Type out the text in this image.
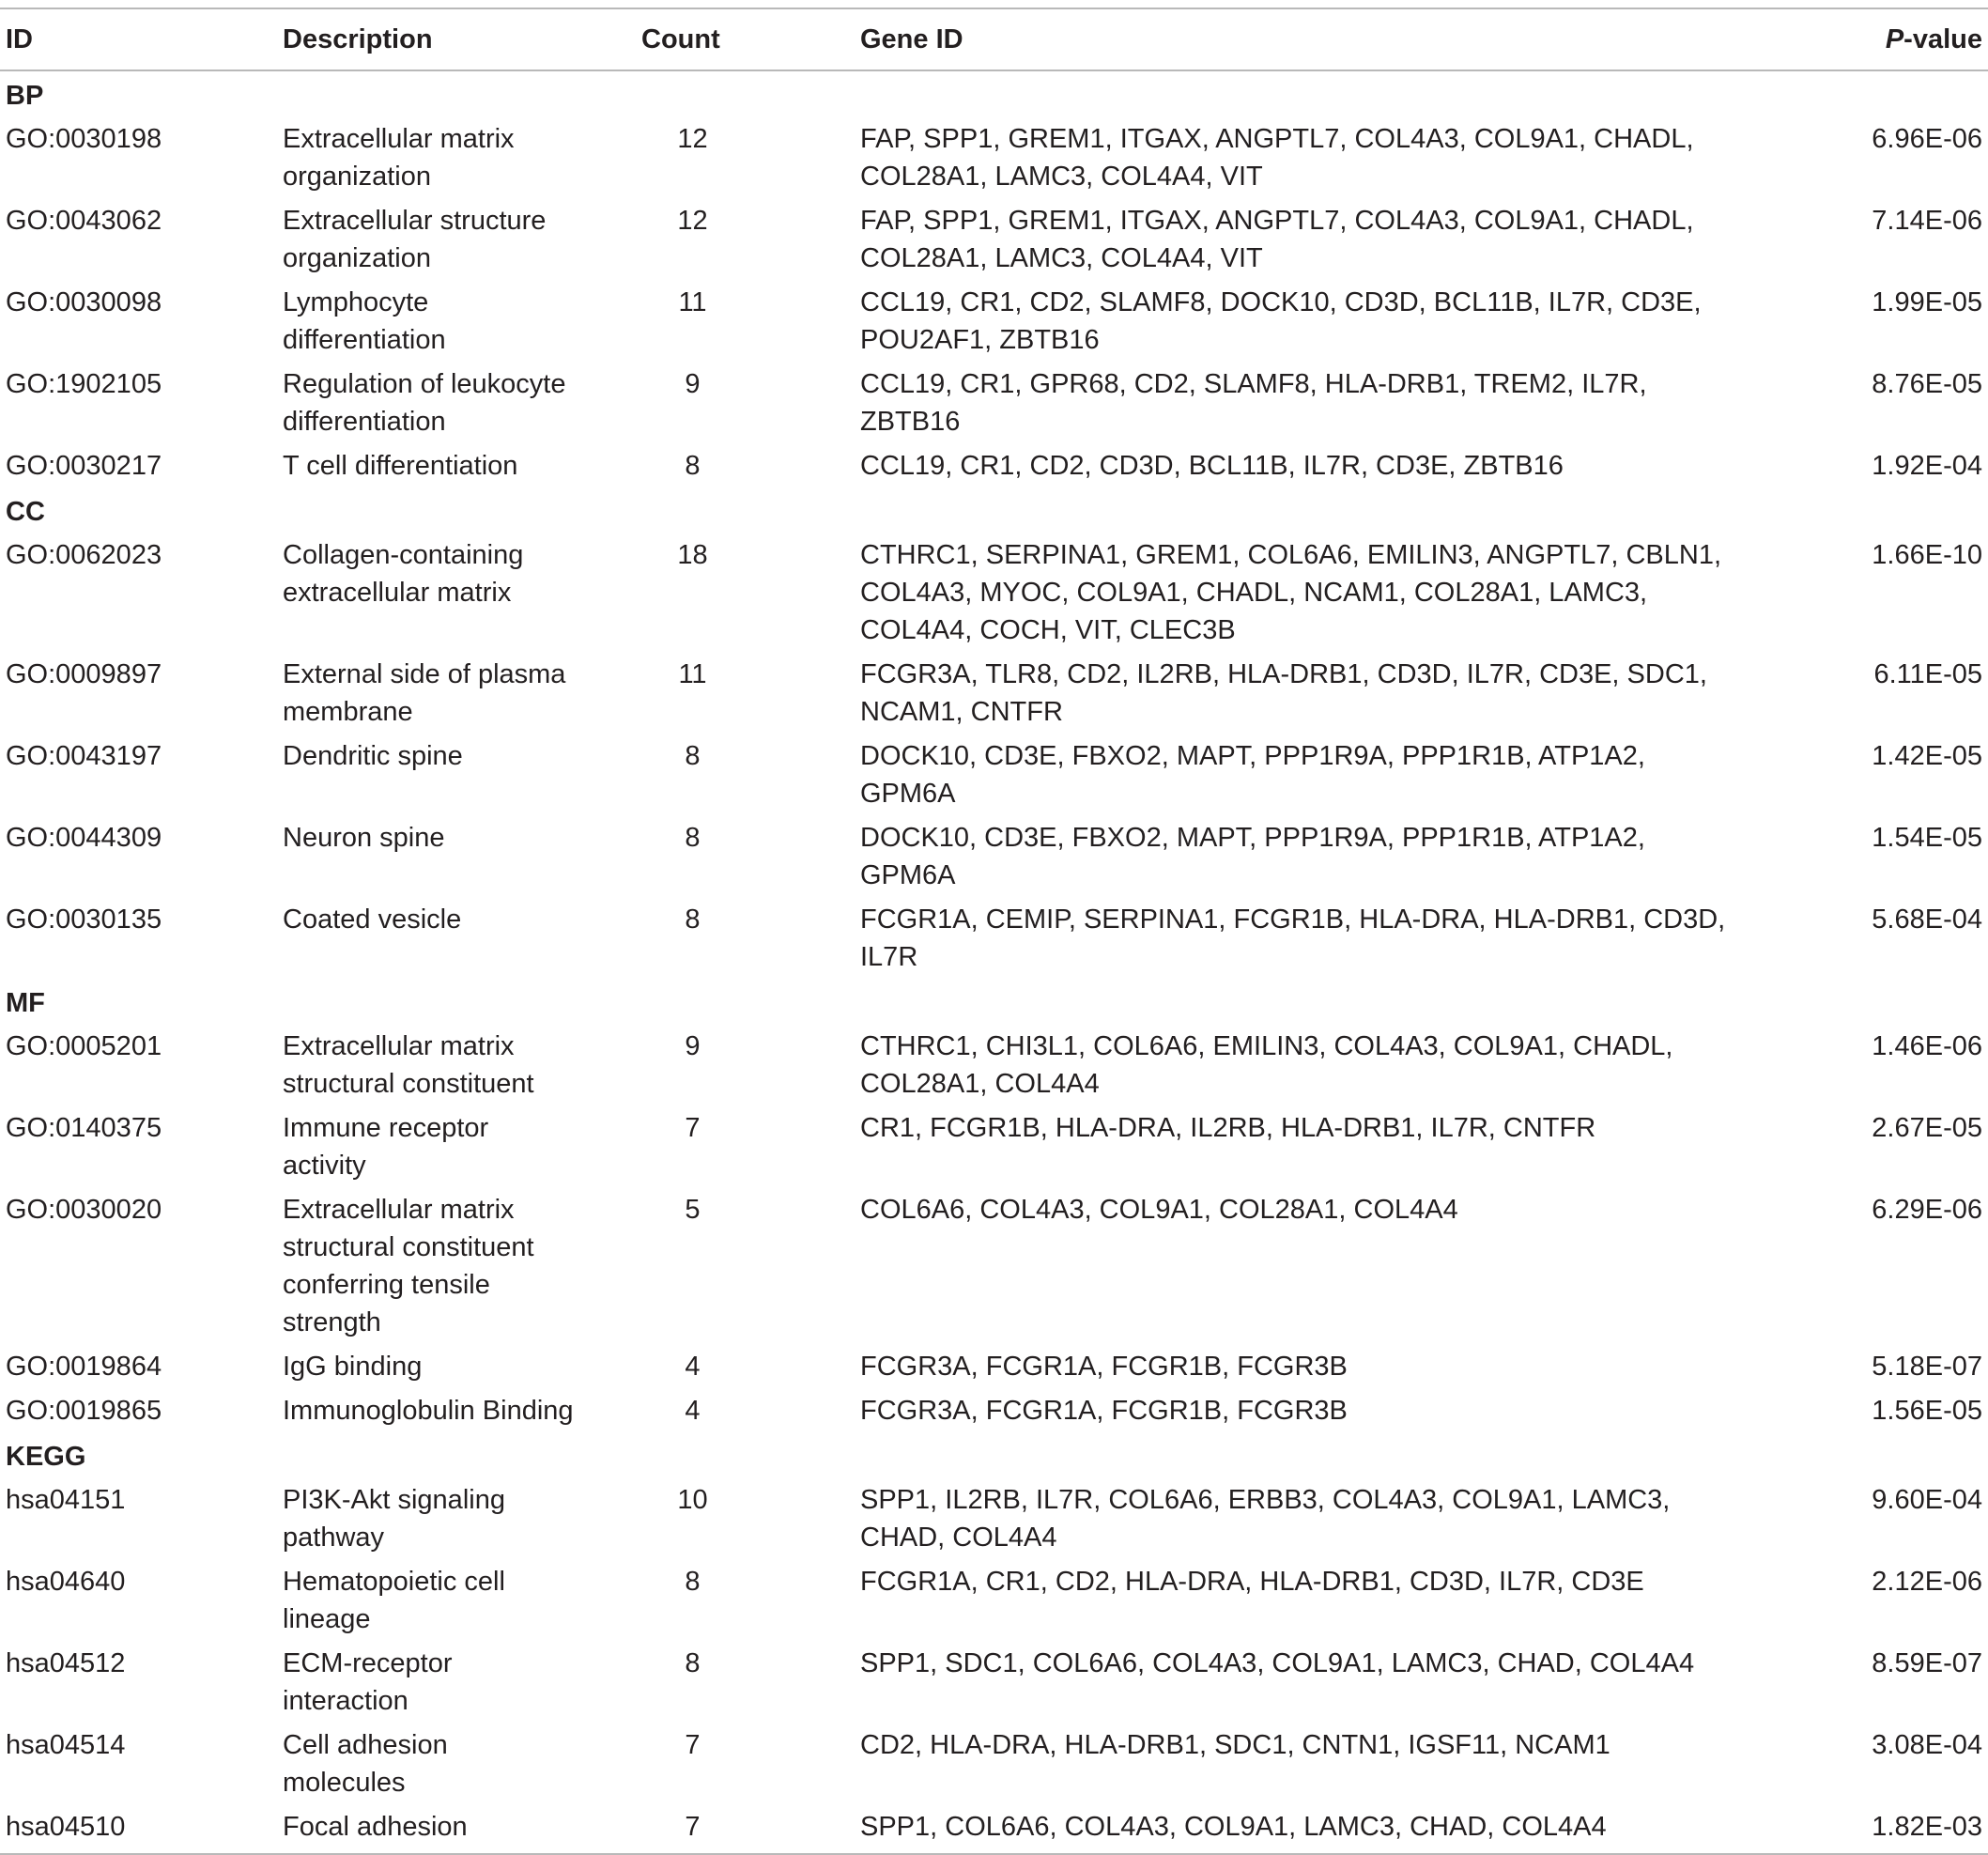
ID	Description	Count	Gene ID	P-value
BP				
GO:0030198	Extracellular matrix organization	12	FAP, SPP1, GREM1, ITGAX, ANGPTL7, COL4A3, COL9A1, CHADL, COL28A1, LAMC3, COL4A4, VIT	6.96E-06
GO:0043062	Extracellular structure organization	12	FAP, SPP1, GREM1, ITGAX, ANGPTL7, COL4A3, COL9A1, CHADL, COL28A1, LAMC3, COL4A4, VIT	7.14E-06
GO:0030098	Lymphocyte differentiation	11	CCL19, CR1, CD2, SLAMF8, DOCK10, CD3D, BCL11B, IL7R, CD3E, POU2AF1, ZBTB16	1.99E-05
GO:1902105	Regulation of leukocyte differentiation	9	CCL19, CR1, GPR68, CD2, SLAMF8, HLA-DRB1, TREM2, IL7R, ZBTB16	8.76E-05
GO:0030217	T cell differentiation	8	CCL19, CR1, CD2, CD3D, BCL11B, IL7R, CD3E, ZBTB16	1.92E-04
CC				
GO:0062023	Collagen-containing extracellular matrix	18	CTHRC1, SERPINA1, GREM1, COL6A6, EMILIN3, ANGPTL7, CBLN1, COL4A3, MYOC, COL9A1, CHADL, NCAM1, COL28A1, LAMC3, COL4A4, COCH, VIT, CLEC3B	1.66E-10
GO:0009897	External side of plasma membrane	11	FCGR3A, TLR8, CD2, IL2RB, HLA-DRB1, CD3D, IL7R, CD3E, SDC1, NCAM1, CNTFR	6.11E-05
GO:0043197	Dendritic spine	8	DOCK10, CD3E, FBXO2, MAPT, PPP1R9A, PPP1R1B, ATP1A2, GPM6A	1.42E-05
GO:0044309	Neuron spine	8	DOCK10, CD3E, FBXO2, MAPT, PPP1R9A, PPP1R1B, ATP1A2, GPM6A	1.54E-05
GO:0030135	Coated vesicle	8	FCGR1A, CEMIP, SERPINA1, FCGR1B, HLA-DRA, HLA-DRB1, CD3D, IL7R	5.68E-04
MF				
GO:0005201	Extracellular matrix structural constituent	9	CTHRC1, CHI3L1, COL6A6, EMILIN3, COL4A3, COL9A1, CHADL, COL28A1, COL4A4	1.46E-06
GO:0140375	Immune receptor activity	7	CR1, FCGR1B, HLA-DRA, IL2RB, HLA-DRB1, IL7R, CNTFR	2.67E-05
GO:0030020	Extracellular matrix structural constituent conferring tensile strength	5	COL6A6, COL4A3, COL9A1, COL28A1, COL4A4	6.29E-06
GO:0019864	IgG binding	4	FCGR3A, FCGR1A, FCGR1B, FCGR3B	5.18E-07
GO:0019865	Immunoglobulin Binding	4	FCGR3A, FCGR1A, FCGR1B, FCGR3B	1.56E-05
KEGG				
hsa04151	PI3K-Akt signaling pathway	10	SPP1, IL2RB, IL7R, COL6A6, ERBB3, COL4A3, COL9A1, LAMC3, CHAD, COL4A4	9.60E-04
hsa04640	Hematopoietic cell lineage	8	FCGR1A, CR1, CD2, HLA-DRA, HLA-DRB1, CD3D, IL7R, CD3E	2.12E-06
hsa04512	ECM-receptor interaction	8	SPP1, SDC1, COL6A6, COL4A3, COL9A1, LAMC3, CHAD, COL4A4	8.59E-07
hsa04514	Cell adhesion molecules	7	CD2, HLA-DRA, HLA-DRB1, SDC1, CNTN1, IGSF11, NCAM1	3.08E-04
hsa04510	Focal adhesion	7	SPP1, COL6A6, COL4A3, COL9A1, LAMC3, CHAD, COL4A4	1.82E-03
